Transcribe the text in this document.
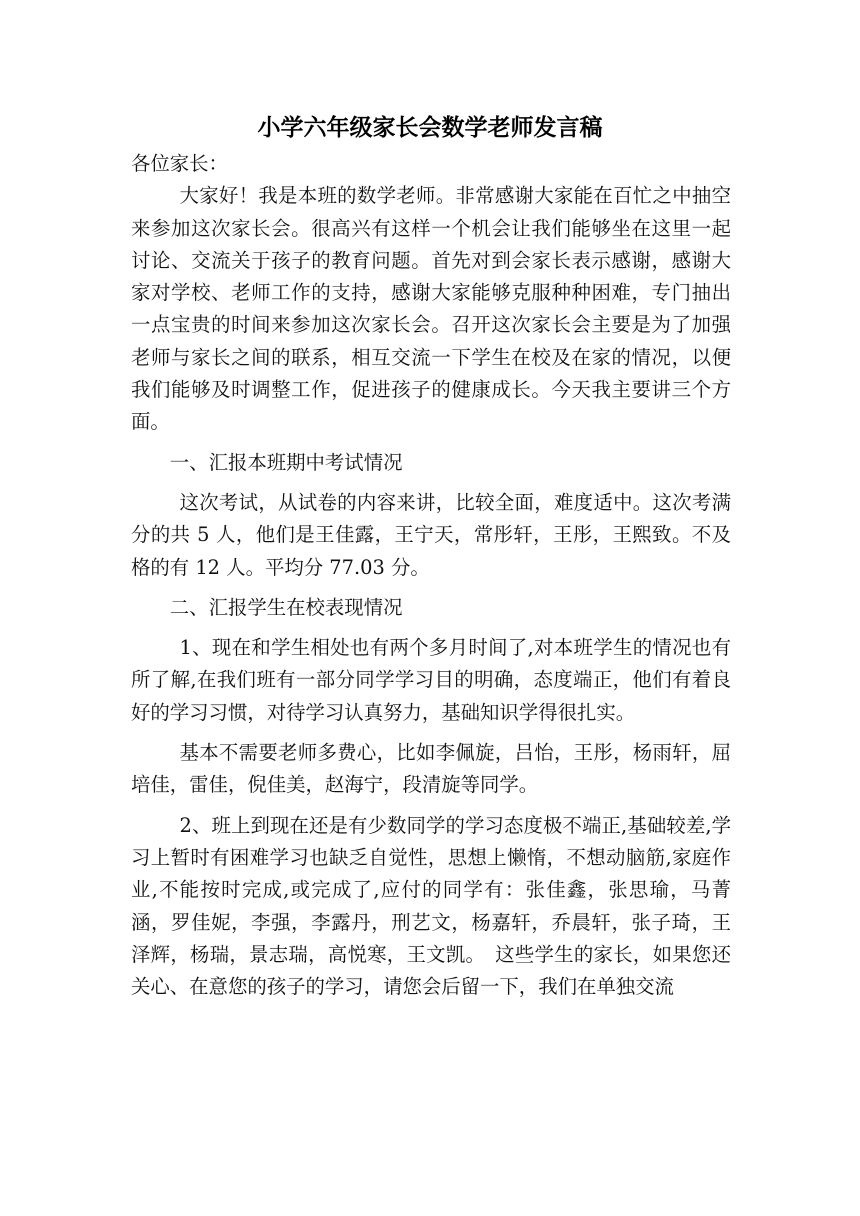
小学六年级家长会数学老师发言稿

各位家长：

大家好！我是本班的数学老师。非常感谢大家能在百忙之中抽空来参加这次家长会。很高兴有这样一个机会让我们能够坐在这里一起讨论、交流关于孩子的教育问题。首先对到会家长表示感谢，感谢大家对学校、老师工作的支持，感谢大家能够克服种种困难，专门抽出一点宝贵的时间来参加这次家长会。召开这次家长会主要是为了加强老师与家长之间的联系，相互交流一下学生在校及在家的情况，以便我们能够及时调整工作，促进孩子的健康成长。今天我主要讲三个方面。

一、汇报本班期中考试情况

这次考试，从试卷的内容来讲，比较全面，难度适中。这次考满分的共 5 人，他们是王佳露，王宁天，常彤轩，王彤，王熙致。不及格的有 12 人。平均分 77.03 分。

二、汇报学生在校表现情况

1、现在和学生相处也有两个多月时间了,对本班学生的情况也有所了解,在我们班有一部分同学学习目的明确，态度端正，他们有着良好的学习习惯，对待学习认真努力，基础知识学得很扎实。

基本不需要老师多费心，比如李佩旋，吕怡，王彤，杨雨轩，屈培佳，雷佳，倪佳美，赵海宁，段清旋等同学。

2、班上到现在还是有少数同学的学习态度极不端正,基础较差,学习上暂时有困难学习也缺乏自觉性，思想上懒惰，不想动脑筋,家庭作业,不能按时完成,或完成了,应付的同学有：张佳鑫，张思瑜，马菁涵，罗佳妮，李强，李露丹，刑艺文，杨嘉轩，乔晨轩，张子琦，王泽辉，杨瑞，景志瑞，高悦寒，王文凯。　这些学生的家长，如果您还关心、在意您的孩子的学习，请您会后留一下，我们在单独交流
